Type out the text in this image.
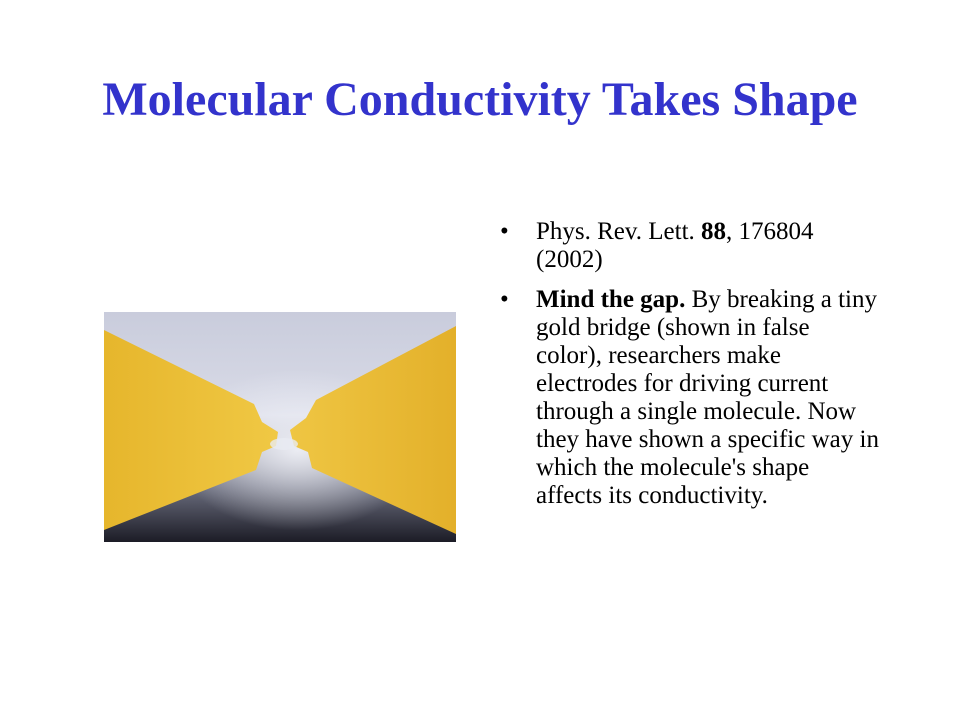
Molecular Conductivity Takes Shape
• Phys. Rev. Lett. 88, 176804 (2002)
• Mind the gap. By breaking a tiny gold bridge (shown in false color), researchers make electrodes for driving current through a single molecule. Now they have shown a specific way in which the molecule's shape affects its conductivity.
